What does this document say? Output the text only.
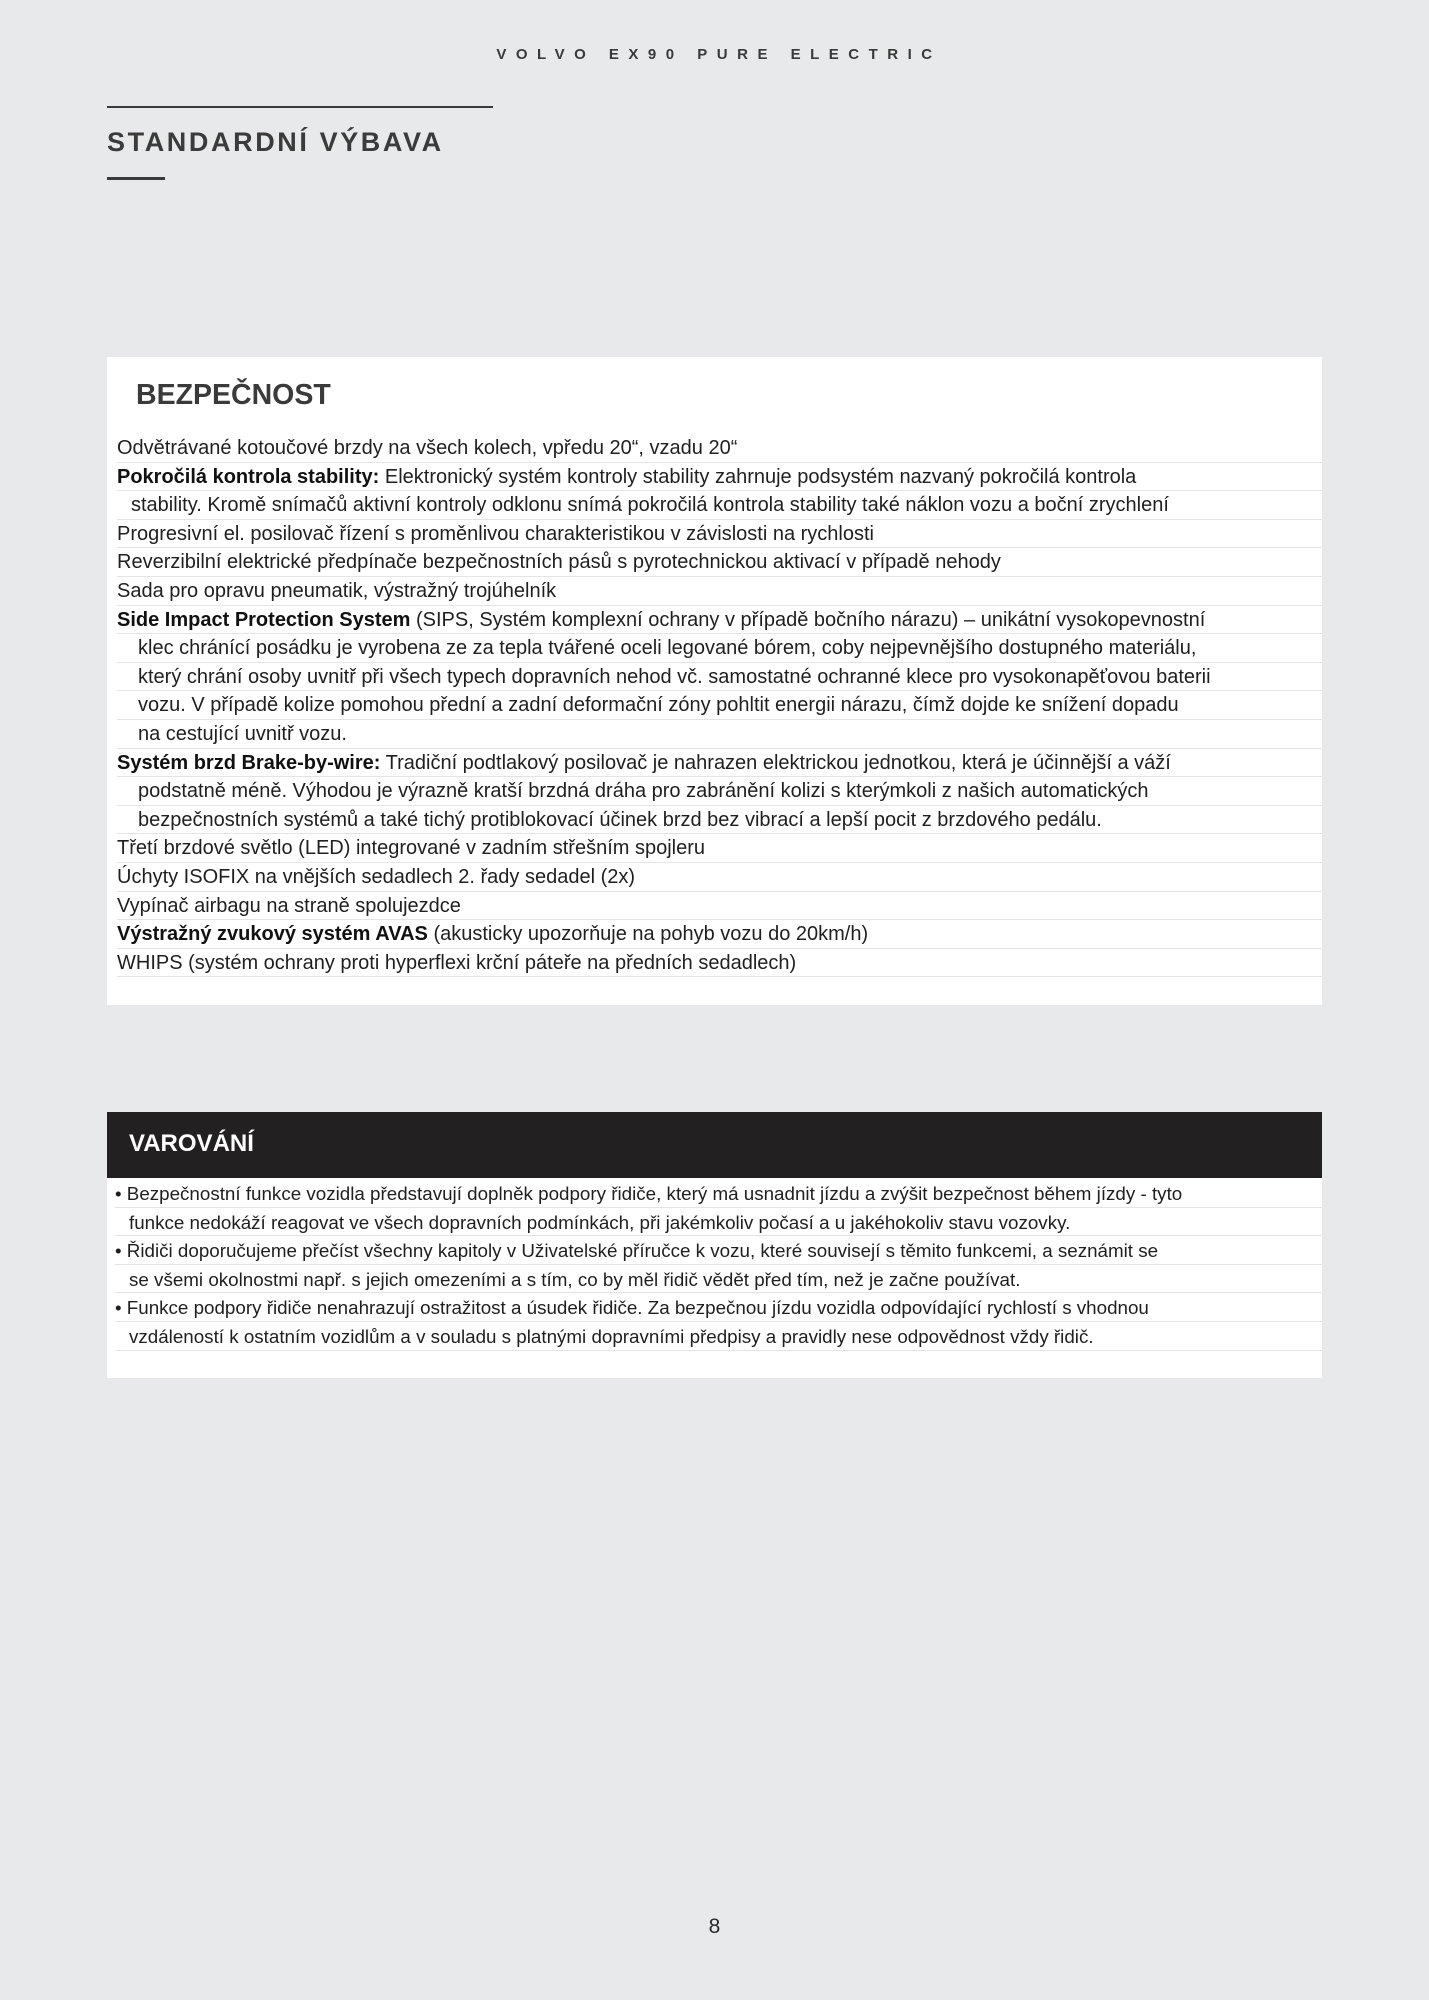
VOLVO EX90 PURE ELECTRIC
STANDARDNÍ VÝBAVA
BEZPEČNOST
Odvětrávané kotoučové brzdy na všech kolech, vpředu 20“, vzadu 20“
Pokročilá kontrola stability: Elektronický systém kontroly stability zahrnuje podsystém nazvaný pokročilá kontrola
stability. Kromě snímačů aktivní kontroly odklonu snímá pokročilá kontrola stability také náklon vozu a boční zrychlení
Progresivní el. posilovač řízení s proměnlivou charakteristikou v závislosti na rychlosti
Reverzibilní elektrické předpínače bezpečnostních pásů s pyrotechnickou aktivací v případě nehody
Sada pro opravu pneumatik, výstražný trojúhelník
Side Impact Protection System (SIPS, Systém komplexní ochrany v případě bočního nárazu) – unikátní vysokopevnostní
klec chránící posádku je vyrobena ze za tepla tvářené oceli legované bórem, coby nejpevnějšího dostupného materiálu,
který chrání osoby uvnitř při všech typech dopravních nehod vč. samostatné ochranné klece pro vysokonapěťovou baterii
vozu. V případě kolize pomohou přední a zadní deformační zóny pohltit energii nárazu, čímž dojde ke snížení dopadu
na cestující uvnitř vozu.
Systém brzd Brake-by-wire: Tradiční podtlakový posilovač je nahrazen elektrickou jednotkou, která je účinnější a váží
podstatně méně. Výhodou je výrazně kratší brzdná dráha pro zabránění kolizi s kterýmkoli z našich automatických
bezpečnostních systémů a také tichý protiblokovací účinek brzd bez vibrací a lepší pocit z brzdového pedálu.
Třetí brzdové světlo (LED) integrované v zadním střešním spojleru
Úchyty ISOFIX na vnějších sedadlech 2. řady sedadel (2x)
Vypínač airbagu na straně spolujezdce
Výstražný zvukový systém AVAS (akusticky upozorňuje na pohyb vozu do 20km/h)
WHIPS (systém ochrany proti hyperflexi krční páteře na předních sedadlech)
VAROVÁNÍ
• Bezpečnostní funkce vozidla představují doplněk podpory řidiče, který má usnadnit jízdu a zvýšit bezpečnost během jízdy - tyto
funkce nedokáží reagovat ve všech dopravních podmínkách, při jakémkoliv počasí a u jakéhokoliv stavu vozovky.
• Řidiči doporučujeme přečíst všechny kapitoly v Uživatelské příručce k vozu, které souvisejí s těmito funkcemi, a seznámit se
se všemi okolnostmi např. s jejich omezeními a s tím, co by měl řidič vědět před tím, než je začne používat.
• Funkce podpory řidiče nenahrazují ostražitost a úsudek řidiče. Za bezpečnou jízdu vozidla odpovídající rychlostí s vhodnou
vzdáleností k ostatním vozidlům a v souladu s platnými dopravními předpisy a pravidly nese odpovědnost vždy řidič.
8
